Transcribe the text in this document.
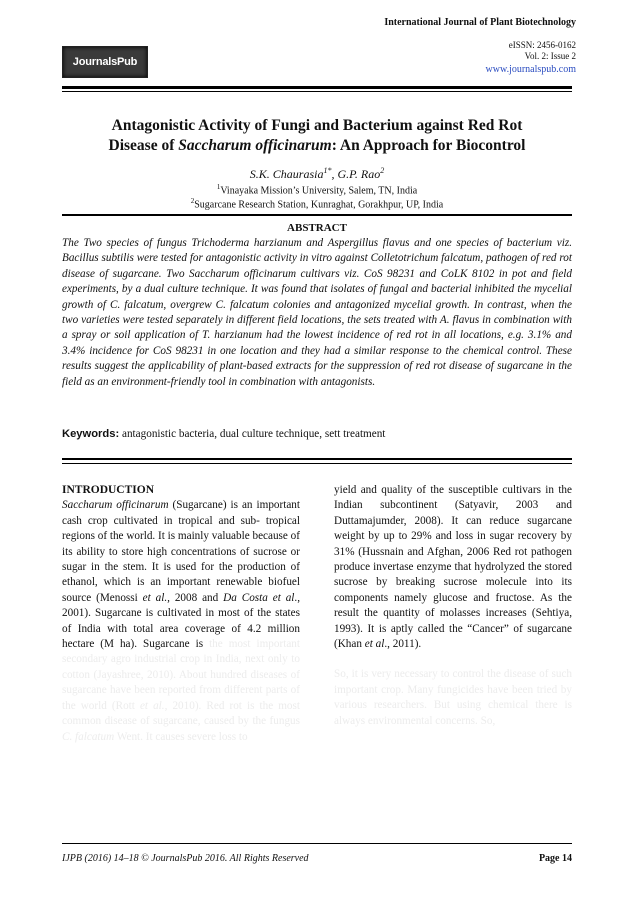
JournalsPub
International Journal of Plant Biotechnology
eISSN: 2456-0162
Vol. 2: Issue 2
www.journalspub.com
Antagonistic Activity of Fungi and Bacterium against Red Rot
Disease of Saccharum officinarum: An Approach for Biocontrol
S.K. Chaurasia$^{1*}$, G.P. Rao$^2$
$^1$Vinayaka Mission’s University, Salem, TN, India
$^2$Sugarcane Research Station, Kunraghat, Gorakhpur, UP, India
ABSTRACT
The Two species of fungus Trichoderma harzianum and Aspergillus flavus and one species of bacterium viz. Bacillus subtilis were tested for antagonistic activity in vitro against Colletotrichum falcatum, pathogen of red rot disease of sugarcane. Two Saccharum officinarum cultivars viz. CoS 98231 and CoLK 8102 in pot and field experiments, by a dual culture technique. It was found that isolates of fungal and bacterial inhibited the mycelial growth of C. falcatum, overgrew C. falcatum colonies and antagonized mycelial growth. In contrast, when the two varieties were tested separately in different field locations, the sets treated with A. flavus in combination with a spray or soil application of T. harzianum had the lowest incidence of red rot in all locations, e.g. 3.1% and 3.4% incidence for CoS 98231 in one location and they had a similar response to the chemical control. These results suggest the applicability of plant-based extracts for the suppression of red rot disease of sugarcane in the field as an environment-friendly tool in combination with antagonists.
Keywords: antagonistic bacteria, dual culture technique, sett treatment
INTRODUCTION

Saccharum officinarum (Sugarcane) is an important cash crop cultivated in tropical and sub- tropical regions of the world. It is mainly valuable because of its ability to store high concentrations of sucrose or sugar in the stem. It is used for the production of ethanol, which is an important renewable biofuel source (Menossi et al., 2008 and Da Costa et al., 2001). Sugarcane is cultivated in most of the states of India with total area coverage of 4.2 million hectare (M ha). Sugarcane is the most important secondary agro industrial crop in India, next only to cotton (Jayashree, 2010). About hundred diseases of sugarcane have been reported from different parts of the world (Rott et al., 2010). Red rot is the most common disease of sugarcane, caused by the fungus C. falcatum Went. It causes severe loss to

yield and quality of the susceptible cultivars in the Indian subcontinent (Satyavir, 2003 and Duttamajumder, 2008). It can reduce sugarcane weight by up to 29% and loss in sugar recovery by 31% (Hussnain and Afghan, 2006 Red rot pathogen produce invertase enzyme that hydrolyzed the stored sucrose by breaking sucrose molecule into its components namely glucose and fructose. As the result the quantity of molasses increases (Sehtiya, 1993). It is aptly called the “Cancer” of sugarcane (Khan et al., 2011).

So, it is very necessary to control the disease of such important crop. Many fungicides have been tried by various researchers. But using chemical there is always environmental concerns. So,

IJPB (2016) 14–18 © JournalsPub 2016. All Rights Reserved	Page 14
